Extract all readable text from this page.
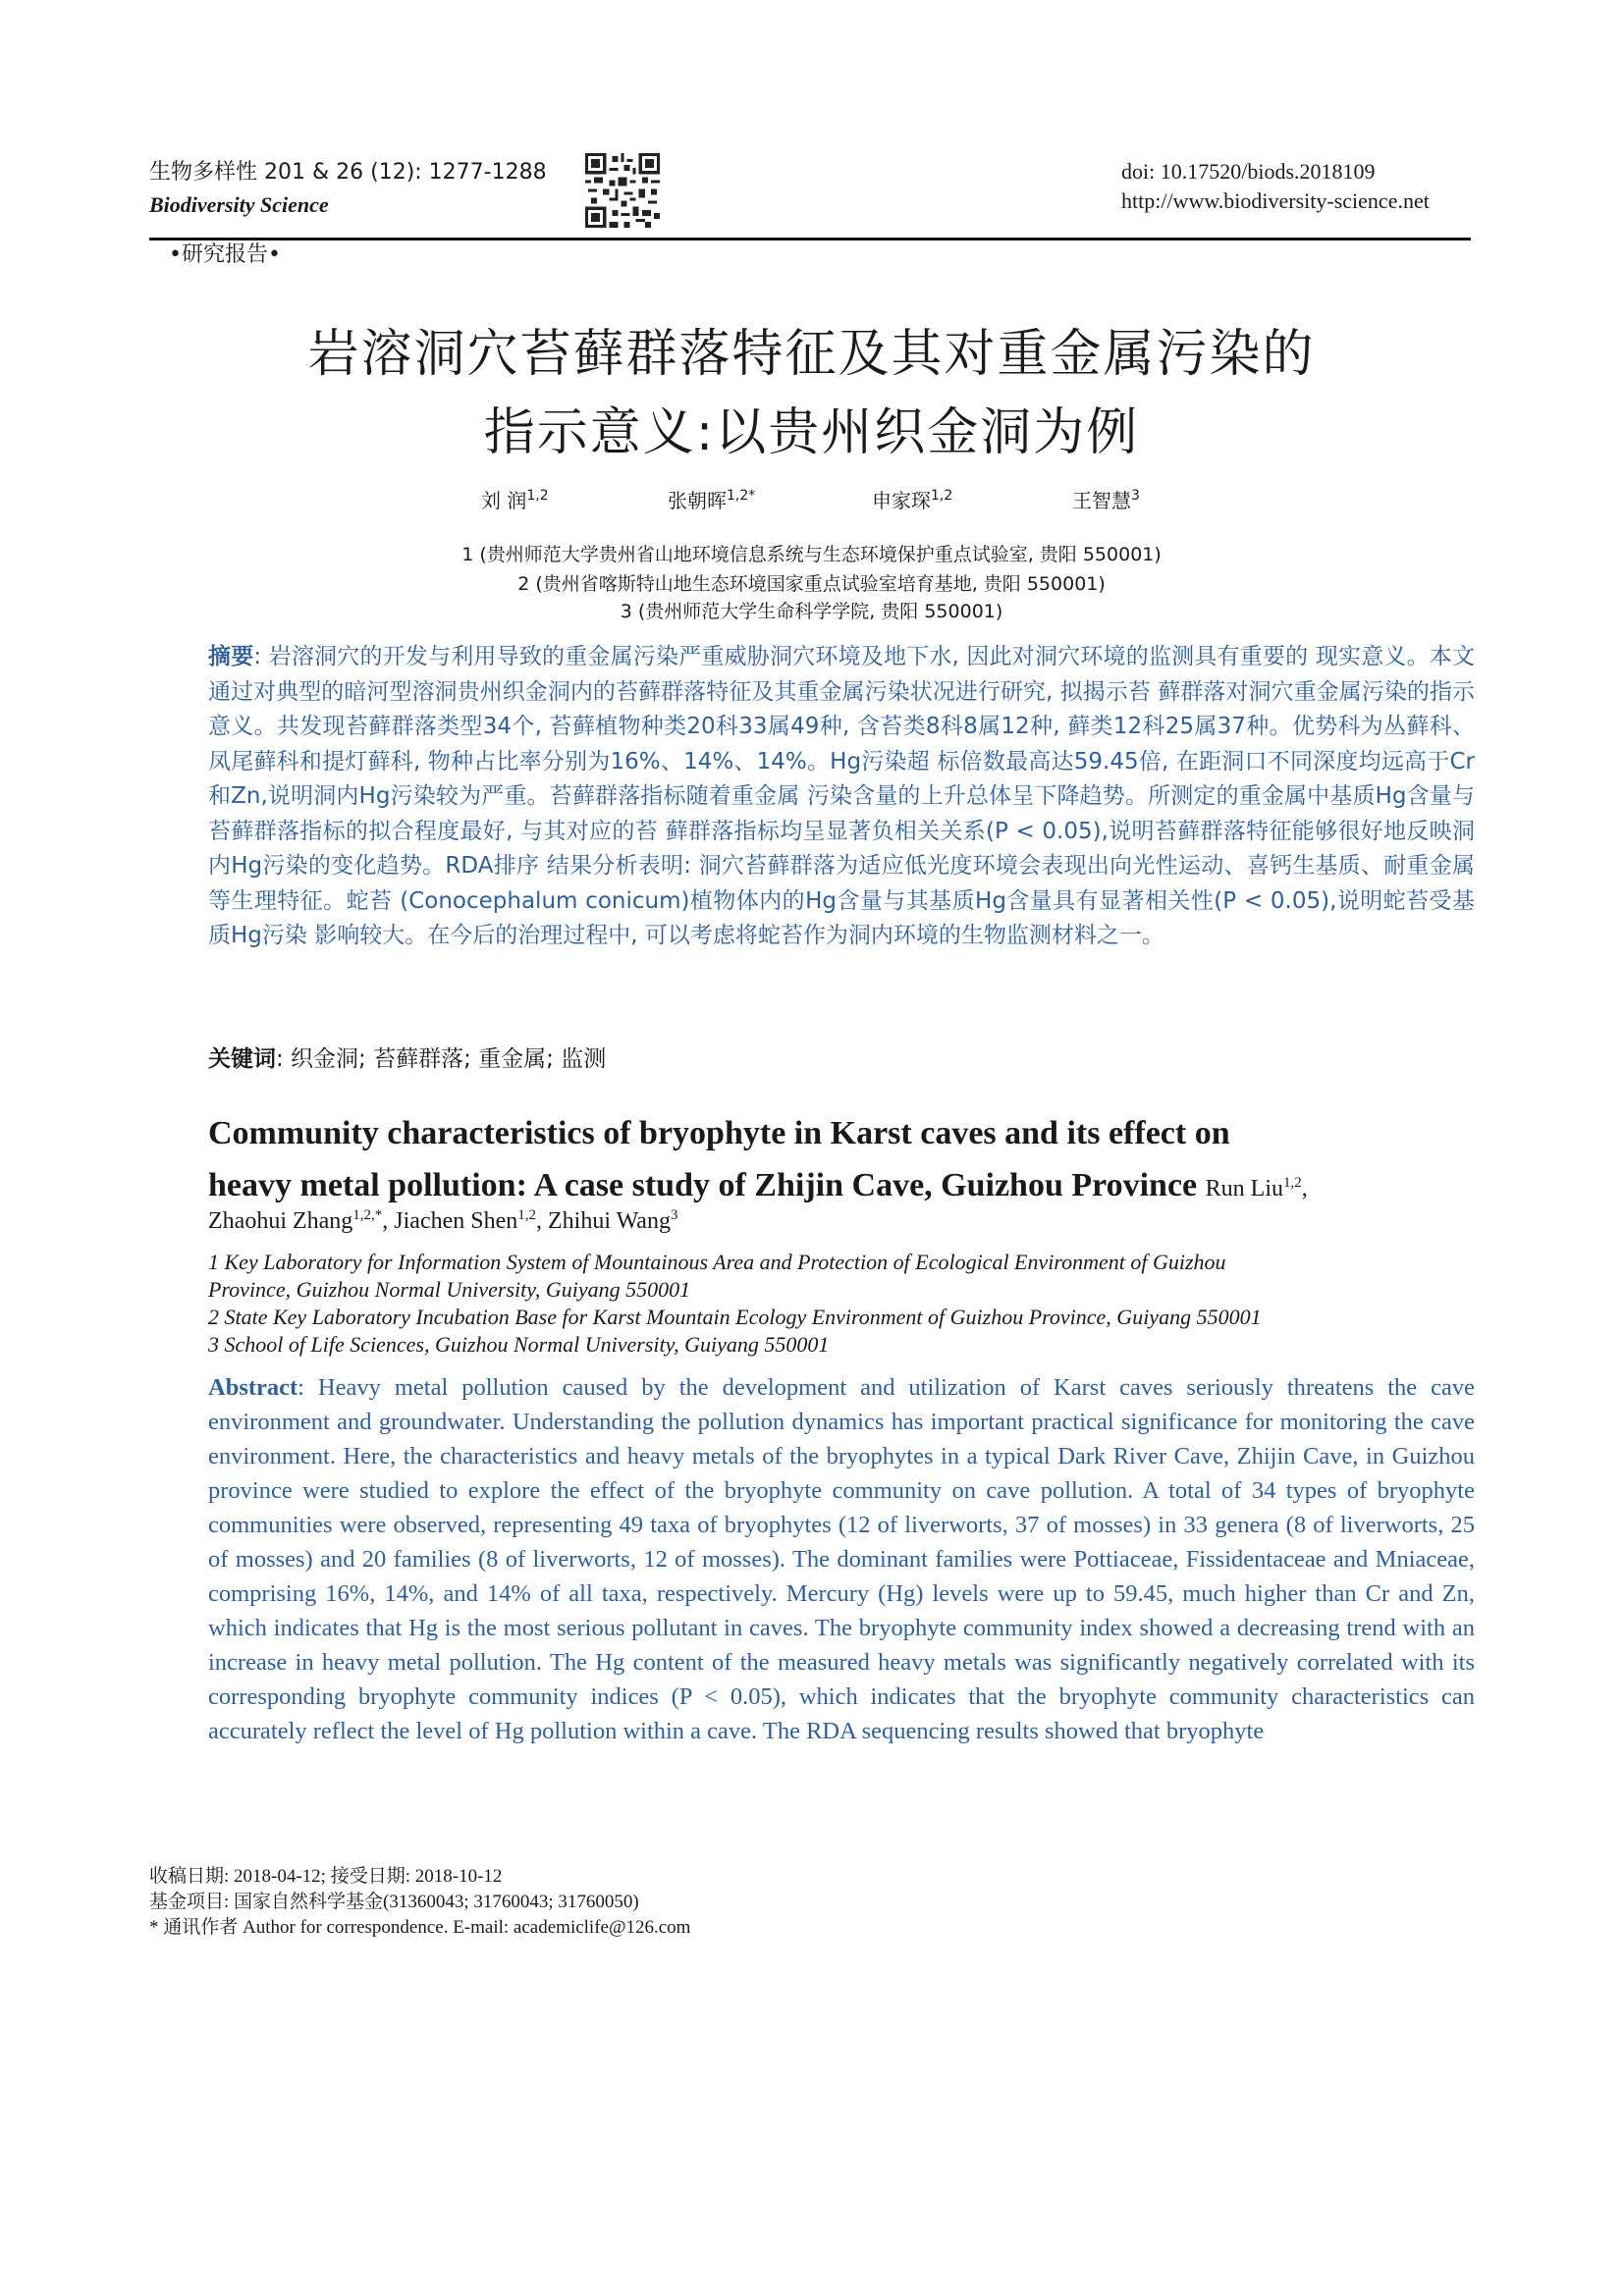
生物多样性 201 & 26 (12): 1277-1288
Biodiversity Science
doi: 10.17520/biods.2018109
http://www.biodiversity-science.net
•研究报告•
岩溶洞穴苔藓群落特征及其对重金属污染的
指示意义:以贵州织金洞为例
刘 润$^{1,2}$	张朝晖$^{1,2*}$	申家琛$^{1,2}$	王智慧$^3$
1 (贵州师范大学贵州省山地环境信息系统与生态环境保护重点试验室, 贵阳 550001)
2 (贵州省喀斯特山地生态环境国家重点试验室培育基地, 贵阳 550001)
3 (贵州师范大学生命科学学院, 贵阳 550001)
摘要: 岩溶洞穴的开发与利用导致的重金属污染严重威胁洞穴环境及地下水, 因此对洞穴环境的监测具有重要的 现实意义。本文通过对典型的暗河型溶洞贵州织金洞内的苔藓群落特征及其重金属污染状况进行研究, 拟揭示苔 藓群落对洞穴重金属污染的指示意义。共发现苔藓群落类型34个, 苔藓植物种类20科33属49种, 含苔类8科8属12种, 藓类12科25属37种。优势科为丛藓科、凤尾藓科和提灯藓科, 物种占比率分别为16%、14%、14%。Hg污染超 标倍数最高达59.45倍, 在距洞口不同深度均远高于Cr和Zn,说明洞内Hg污染较为严重。苔藓群落指标随着重金属 污染含量的上升总体呈下降趋势。所测定的重金属中基质Hg含量与苔藓群落指标的拟合程度最好, 与其对应的苔 藓群落指标均呈显著负相关关系(P < 0.05),说明苔藓群落特征能够很好地反映洞内Hg污染的变化趋势。RDA排序 结果分析表明: 洞穴苔藓群落为适应低光度环境会表现出向光性运动、喜钙生基质、耐重金属等生理特征。蛇苔 (Conocephalum conicum)植物体内的Hg含量与其基质Hg含量具有显著相关性(P < 0.05),说明蛇苔受基质Hg污染 影响较大。在今后的治理过程中, 可以考虑将蛇苔作为洞内环境的生物监测材料之一。
关键词: 织金洞; 苔藓群落; 重金属; 监测
Community characteristics of bryophyte in Karst caves and its effect on
heavy metal pollution: A case study of Zhijin Cave, Guizhou Province Run Liu$^{1,2}$,
Zhaohui Zhang$^{1,2,*}$, Jiachen Shen$^{1,2}$, Zhihui Wang$^3$
1 Key Laboratory for Information System of Mountainous Area and Protection of Ecological Environment of Guizhou
Province, Guizhou Normal University, Guiyang 550001
2 State Key Laboratory Incubation Base for Karst Mountain Ecology Environment of Guizhou Province, Guiyang 550001
3 School of Life Sciences, Guizhou Normal University, Guiyang 550001
Abstract: Heavy metal pollution caused by the development and utilization of Karst caves seriously threatens the cave environment and groundwater. Understanding the pollution dynamics has important practical significance for monitoring the cave environment. Here, the characteristics and heavy metals of the bryophytes in a typical Dark River Cave, Zhijin Cave, in Guizhou province were studied to explore the effect of the bryophyte community on cave pollution. A total of 34 types of bryophyte communities were observed, representing 49 taxa of bryophytes (12 of liverworts, 37 of mosses) in 33 genera (8 of liverworts, 25 of mosses) and 20 families (8 of liverworts, 12 of mosses). The dominant families were Pottiaceae, Fissidentaceae and Mniaceae, comprising 16%, 14%, and 14% of all taxa, respectively. Mercury (Hg) levels were up to 59.45, much higher than Cr and Zn, which indicates that Hg is the most serious pollutant in caves. The bryophyte community index showed a decreasing trend with an increase in heavy metal pollution. The Hg content of the measured heavy metals was significantly negatively correlated with its corresponding bryophyte community indices (P < 0.05), which indicates that the bryophyte community characteristics can accurately reflect the level of Hg pollution within a cave. The RDA sequencing results showed that bryophyte
收稿日期: 2018-04-12; 接受日期: 2018-10-12
基金项目: 国家自然科学基金(31360043; 31760043; 31760050)
* 通讯作者 Author for correspondence. E-mail: academiclife@126.com
